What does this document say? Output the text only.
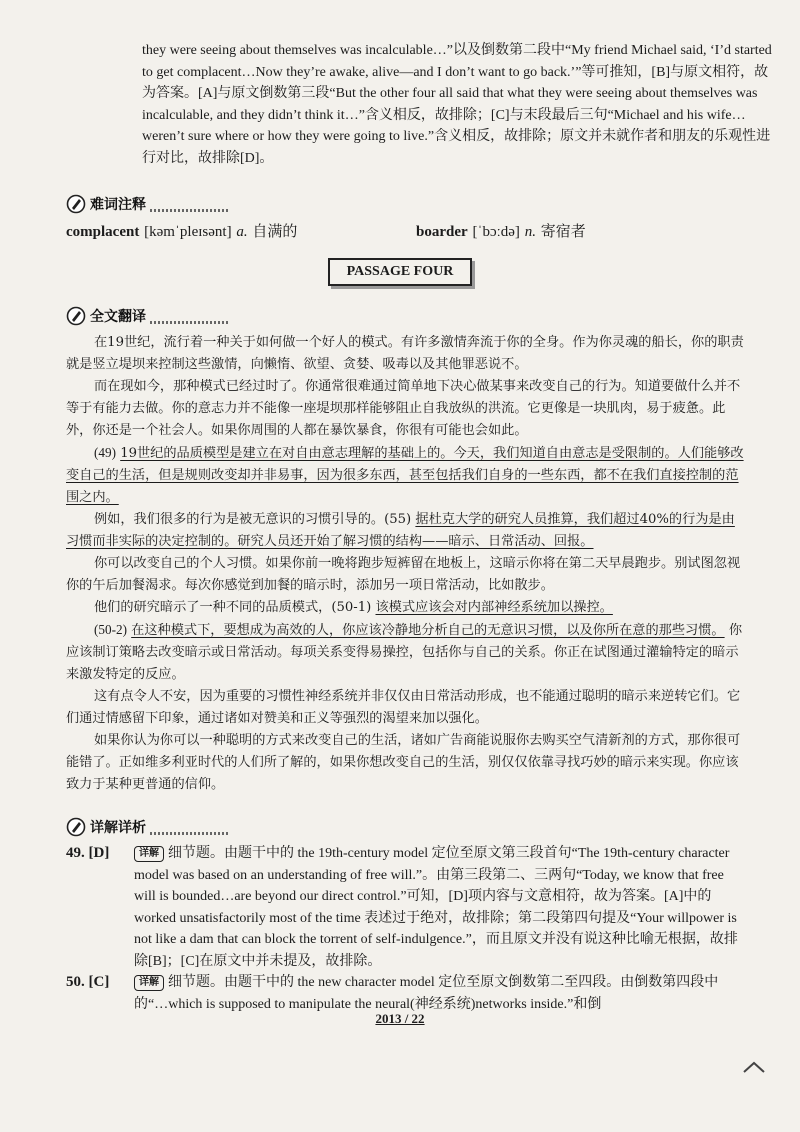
they were seeing about themselves was incalculable…”以及倒数第二段中“My friend Michael said, ‘I’d started to get complacent…Now they’re awake, alive—and I don’t want to go back.’”等可推知，[B]与原文相符，故为答案。[A]与原文倒数第三段“But the other four all said that what they were seeing about themselves was incalculable, and they didn’t think it…”含义相反，故排除；[C]与末段最后三句“Michael and his wife…weren’t sure where or how they were going to live.”含义相反，故排除；原文并未就作者和朋友的乐观性进行对比，故排除[D]。

难词注释
complacent [kəmˈpleɪsənt] a. 自满的	boarder [ˈbɔːdə] n. 寄宿者
PASSAGE FOUR
全文翻译

在19世纪，流行着一种关于如何做一个好人的模式。有许多激情奔流于你的全身。作为你灵魂的船长，你的职责就是竖立堤坝来控制这些激情，向懒惰、欲望、贪婪、吸毒以及其他罪恶说不。

而在现如今，那种模式已经过时了。你通常很难通过简单地下决心做某事来改变自己的行为。知道要做什么并不等于有能力去做。你的意志力并不能像一座堤坝那样能够阻止自我放纵的洪流。它更像是一块肌肉，易于疲惫。此外，你还是一个社会人。如果你周围的人都在暴饮暴食，你很有可能也会如此。

(49) 19世纪的品质模型是建立在对自由意志理解的基础上的。今天，我们知道自由意志是受限制的。人们能够改变自己的生活，但是规则改变却并非易事，因为很多东西，甚至包括我们自身的一些东西，都不在我们直接控制的范围之内。

例如，我们很多的行为是被无意识的习惯引导的。(55) 据杜克大学的研究人员推算，我们超过40%的行为是由习惯而非实际的决定控制的。研究人员还开始了解习惯的结构——暗示、日常活动、回报。

你可以改变自己的个人习惯。如果你前一晚将跑步短裤留在地板上，这暗示你将在第二天早晨跑步。别试图忽视你的午后加餐渴求。每次你感觉到加餐的暗示时，添加另一项日常活动，比如散步。

他们的研究暗示了一种不同的品质模式，(50-1) 该模式应该会对内部神经系统加以操控。

(50-2) 在这种模式下，要想成为高效的人，你应该冷静地分析自己的无意识习惯，以及你所在意的那些习惯。 你应该制订策略去改变暗示或日常活动。每项关系变得易操控，包括你与自己的关系。你正在试图通过灌输特定的暗示来激发特定的反应。

这有点令人不安，因为重要的习惯性神经系统并非仅仅由日常活动形成，也不能通过聪明的暗示来逆转它们。它们通过情感留下印象，通过诸如对赞美和正义等强烈的渴望来加以强化。

如果你认为你可以一种聪明的方式来改变自己的生活，诸如广告商能说服你去购买空气清新剂的方式，那你很可能错了。正如维多利亚时代的人们所了解的，如果你想改变自己的生活，别仅仅依靠寻找巧妙的暗示来实现。你应该致力于某种更普通的信仰。

详解详析
49. [D]	详解 细节题。由题干中的 the 19th-century model 定位至原文第三段首句“The 19th-century character model was based on an understanding of free will.”。由第三段第二、三两句“Today, we know that free will is bounded…are beyond our direct control.”可知，[D]项内容与文意相符，故为答案。[A]中的 worked unsatisfactorily most of the time 表述过于绝对，故排除；第二段第四句提及“Your willpower is not like a dam that can block the torrent of self-indulgence.”，而且原文并没有说这种比喻无根据，故排除[B]；[C]在原文中并未提及，故排除。

50. [C]	详解 细节题。由题干中的 the new character model 定位至原文倒数第二至四段。由倒数第四段中的“…which is supposed to manipulate the neural(神经系统)networks inside.”和倒

2013 / 22
